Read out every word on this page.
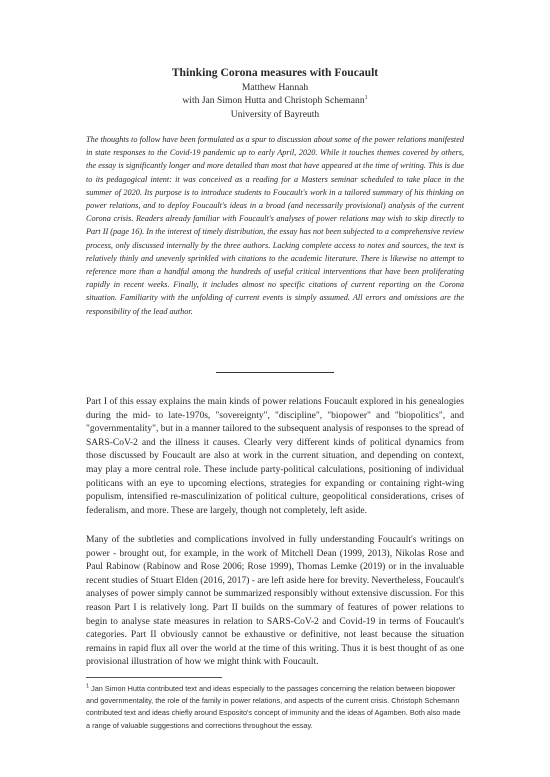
Thinking Corona measures with Foucault
Matthew Hannah
with Jan Simon Hutta and Christoph Schemann$^1$
University of Bayreuth

The thoughts to follow have been formulated as a spur to discussion about some of the power relations manifested in state responses to the Covid-19 pandemic up to early April, 2020. While it touches themes covered by others, the essay is significantly longer and more detailed than most that have appeared at the time of writing. This is due to its pedagogical intent: it was conceived as a reading for a Masters seminar scheduled to take place in the summer of 2020. Its purpose is to introduce students to Foucault's work in a tailored summary of his thinking on power relations, and to deploy Foucault's ideas in a broad (and necessarily provisional) analysis of the current Corona crisis. Readers already familiar with Foucault's analyses of power relations may wish to skip directly to Part II (page 16). In the interest of timely distribution, the essay has not been subjected to a comprehensive review process, only discussed internally by the three authors. Lacking complete access to notes and sources, the text is relatively thinly and unevenly sprinkled with citations to the academic literature. There is likewise no attempt to reference more than a handful among the hundreds of useful critical interventions that have been proliferating rapidly in recent weeks. Finally, it includes almost no specific citations of current reporting on the Corona situation. Familiarity with the unfolding of current events is simply assumed. All errors and omissions are the responsibility of the lead author.

Part I of this essay explains the main kinds of power relations Foucault explored in his genealogies during the mid- to late-1970s, "sovereignty", "discipline", "biopower" and "biopolitics", and "governmentality", but in a manner tailored to the subsequent analysis of responses to the spread of SARS-CoV-2 and the illness it causes. Clearly very different kinds of political dynamics from those discussed by Foucault are also at work in the current situation, and depending on context, may play a more central role. These include party-political calculations, positioning of individual politicans with an eye to upcoming elections, strategies for expanding or containing right-wing populism, intensified re-masculinization of political culture, geopolitical considerations, crises of federalism, and more. These are largely, though not completely, left aside.

Many of the subtleties and complications involved in fully understanding Foucault's writings on power - brought out, for example, in the work of Mitchell Dean (1999, 2013), Nikolas Rose and Paul Rabinow (Rabinow and Rose 2006; Rose 1999), Thomas Lemke (2019) or in the invaluable recent studies of Stuart Elden (2016, 2017) - are left aside here for brevity. Nevertheless, Foucault's analyses of power simply cannot be summarized responsibly without extensive discussion. For this reason Part I is relatively long. Part II builds on the summary of features of power relations to begin to analyse state measures in relation to SARS-CoV-2 and Covid-19 in terms of Foucault's categories. Part II obviously cannot be exhaustive or definitive, not least because the situation remains in rapid flux all over the world at the time of this writing. Thus it is best thought of as one provisional illustration of how we might think with Foucault.

$^1$ Jan Simon Hutta contributed text and ideas especially to the passages concerning the relation between biopower and governmentality, the role of the family in power relations, and aspects of the current crisis. Christoph Schemann contributed text and ideas chiefly around Esposito's concept of immunity and the ideas of Agamben. Both also made a range of valuable suggestions and corrections throughout the essay.
